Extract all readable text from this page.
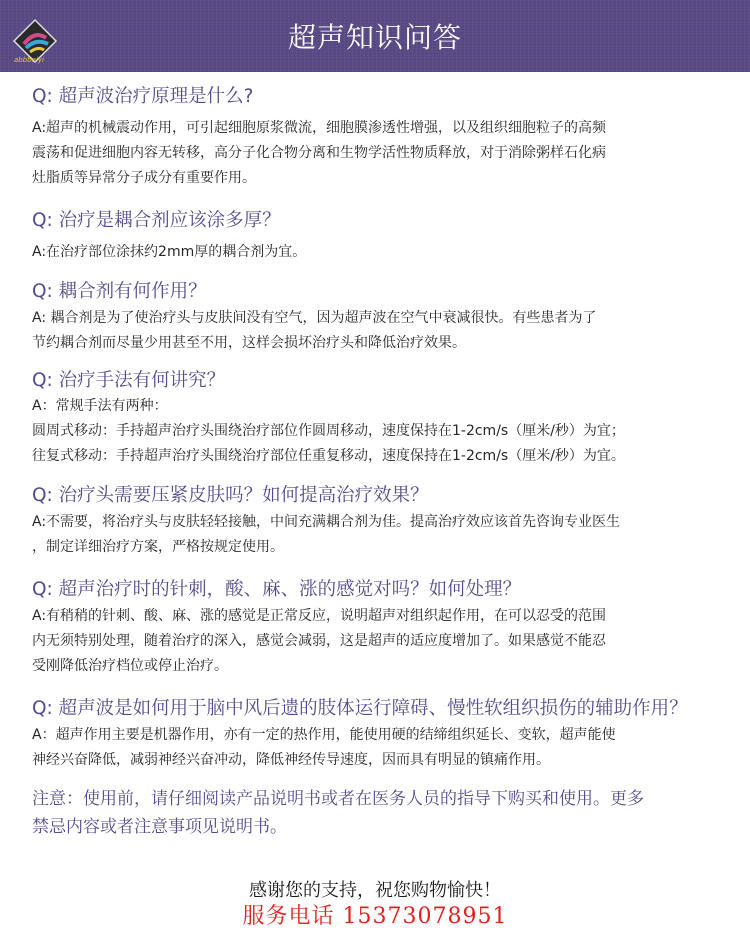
abbbeiyi
超声知识问答
Q: 超声波治疗原理是什么?
A:超声的机械震动作用，可引起细胞原浆微流，细胞膜渗透性增强，以及组织细胞粒子的高频
震荡和促进细胞内容无转移，高分子化合物分离和生物学活性物质释放，对于消除粥样石化病
灶脂质等异常分子成分有重要作用。
Q: 治疗是耦合剂应该涂多厚？
A:在治疗部位涂抹约2mm厚的耦合剂为宜。
Q: 耦合剂有何作用？
A: 耦合剂是为了使治疗头与皮肤间没有空气，因为超声波在空气中衰减很快。有些患者为了
节约耦合剂而尽量少用甚至不用，这样会损坏治疗头和降低治疗效果。
Q: 治疗手法有何讲究？
A：常规手法有两种：
圆周式移动：手持超声治疗头围绕治疗部位作圆周移动，速度保持在1-2cm/s（厘米/秒）为宜；
往复式移动：手持超声治疗头围绕治疗部位任重复移动，速度保持在1-2cm/s（厘米/秒）为宜。
Q: 治疗头需要压紧皮肤吗？如何提高治疗效果？
A:不需要，将治疗头与皮肤轻轻接触，中间充满耦合剂为佳。提高治疗效应该首先咨询专业医生
，制定详细治疗方案，严格按规定使用。
Q: 超声治疗时的针刺，酸、麻、涨的感觉对吗？如何处理？
A:有稍稍的针刺、酸、麻、涨的感觉是正常反应，说明超声对组织起作用，在可以忍受的范围
内无须特别处理，随着治疗的深入，感觉会减弱，这是超声的适应度增加了。如果感觉不能忍
受刚降低治疗档位或停止治疗。
Q: 超声波是如何用于脑中风后遗的肢体运行障碍、慢性软组织损伤的辅助作用？
A：超声作用主要是机器作用，亦有一定的热作用，能使用硬的结缔组织延长、变软，超声能使
神经兴奋降低，减弱神经兴奋冲动，降低神经传导速度，因而具有明显的镇痛作用。
注意：使用前，请仔细阅读产品说明书或者在医务人员的指导下购买和使用。更多
禁忌内容或者注意事项见说明书。
感谢您的支持，祝您购物愉快！
服务电话 15373078951
